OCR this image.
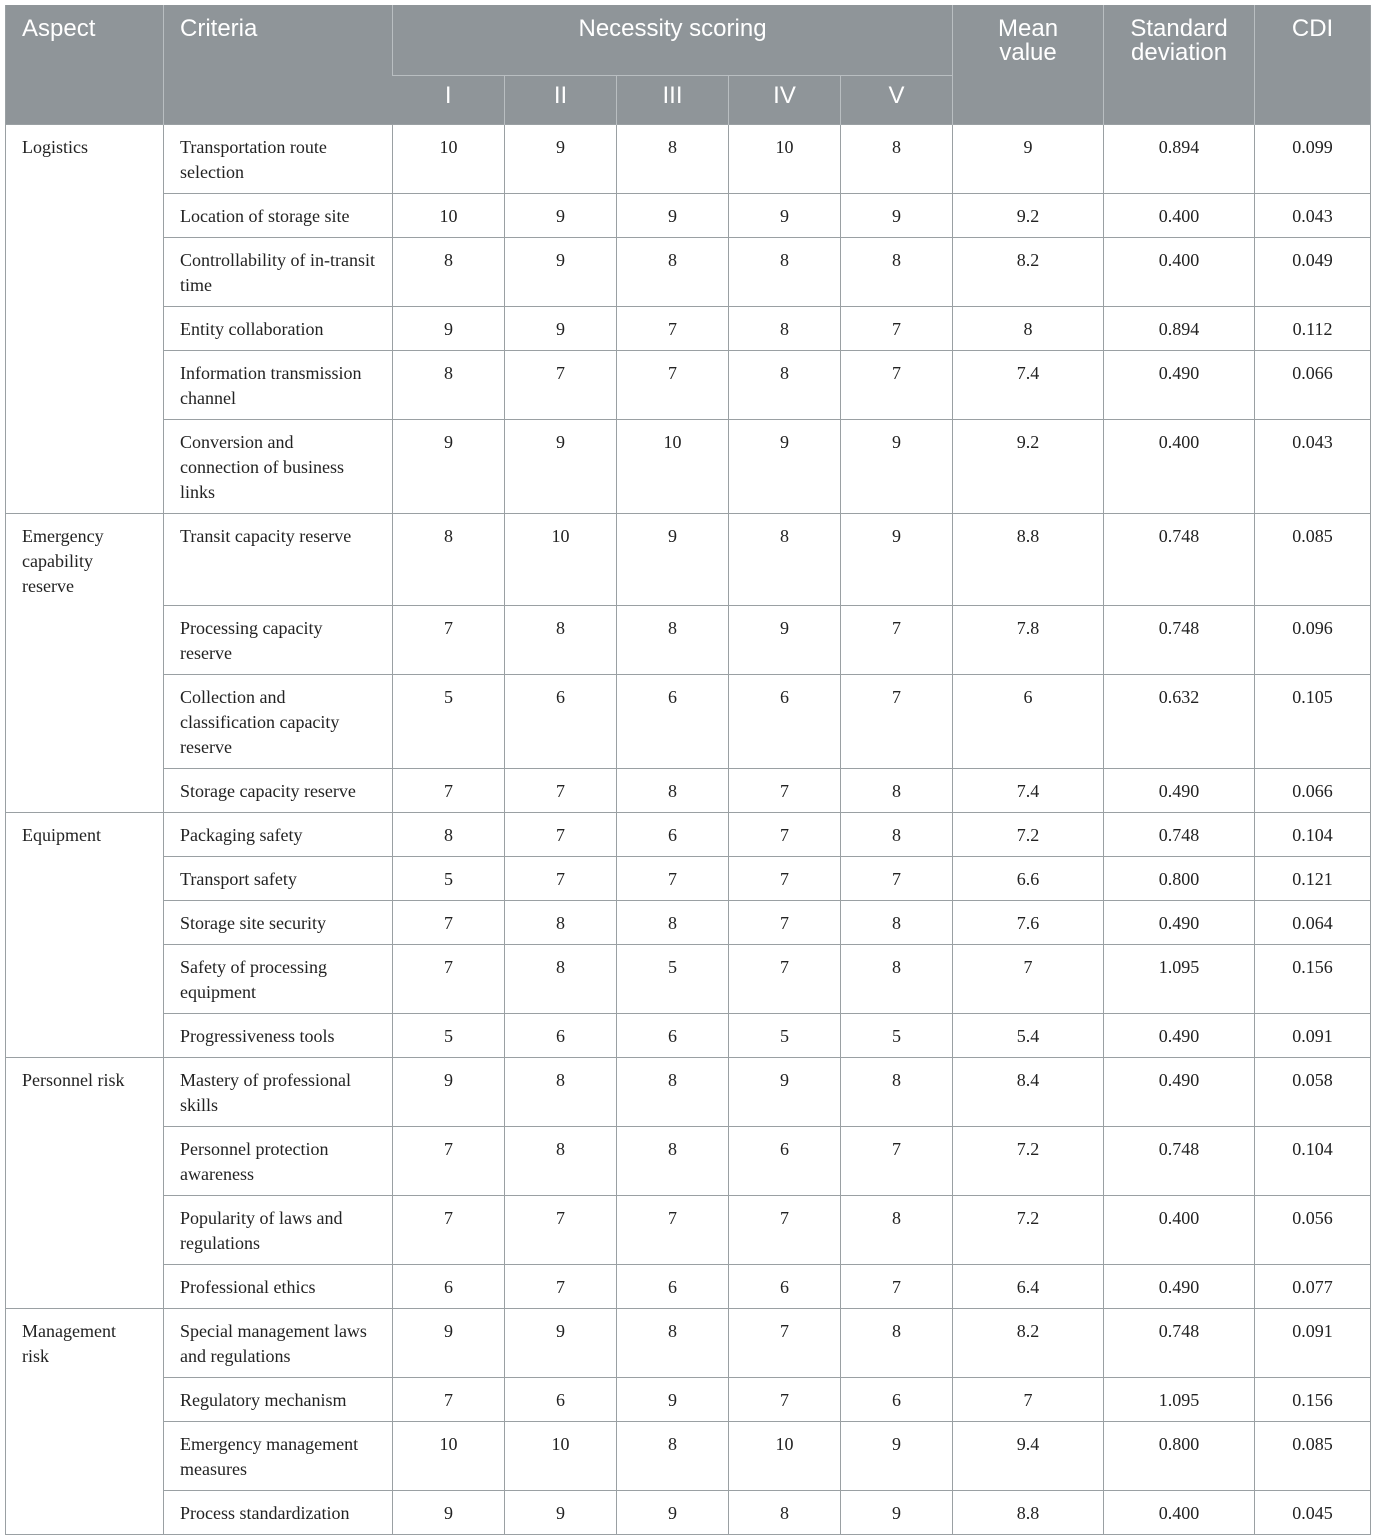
Aspect	Criteria	Necessity scoring					Mean value	Standard deviation	CDI
		I	II	III	IV	V			
Logistics	Transportation route selection	10	9	8	10	8	9	0.894	0.099
	Location of storage site	10	9	9	9	9	9.2	0.400	0.043
	Controllability of in-transit time	8	9	8	8	8	8.2	0.400	0.049
	Entity collaboration	9	9	7	8	7	8	0.894	0.112
	Information transmission channel	8	7	7	8	7	7.4	0.490	0.066
	Conversion and connection of business links	9	9	10	9	9	9.2	0.400	0.043
Emergency capability reserve	Transit capacity reserve	8	10	9	8	9	8.8	0.748	0.085
	Processing capacity reserve	7	8	8	9	7	7.8	0.748	0.096
	Collection and classification capacity reserve	5	6	6	6	7	6	0.632	0.105
	Storage capacity reserve	7	7	8	7	8	7.4	0.490	0.066
Equipment	Packaging safety	8	7	6	7	8	7.2	0.748	0.104
	Transport safety	5	7	7	7	7	6.6	0.800	0.121
	Storage site security	7	8	8	7	8	7.6	0.490	0.064
	Safety of processing equipment	7	8	5	7	8	7	1.095	0.156
	Progressiveness tools	5	6	6	5	5	5.4	0.490	0.091
Personnel risk	Mastery of professional skills	9	8	8	9	8	8.4	0.490	0.058
	Personnel protection awareness	7	8	8	6	7	7.2	0.748	0.104
	Popularity of laws and regulations	7	7	7	7	8	7.2	0.400	0.056
	Professional ethics	6	7	6	6	7	6.4	0.490	0.077
Management risk	Special management laws and regulations	9	9	8	7	8	8.2	0.748	0.091
	Regulatory mechanism	7	6	9	7	6	7	1.095	0.156
	Emergency management measures	10	10	8	10	9	9.4	0.800	0.085
	Process standardization	9	9	9	8	9	8.8	0.400	0.045
